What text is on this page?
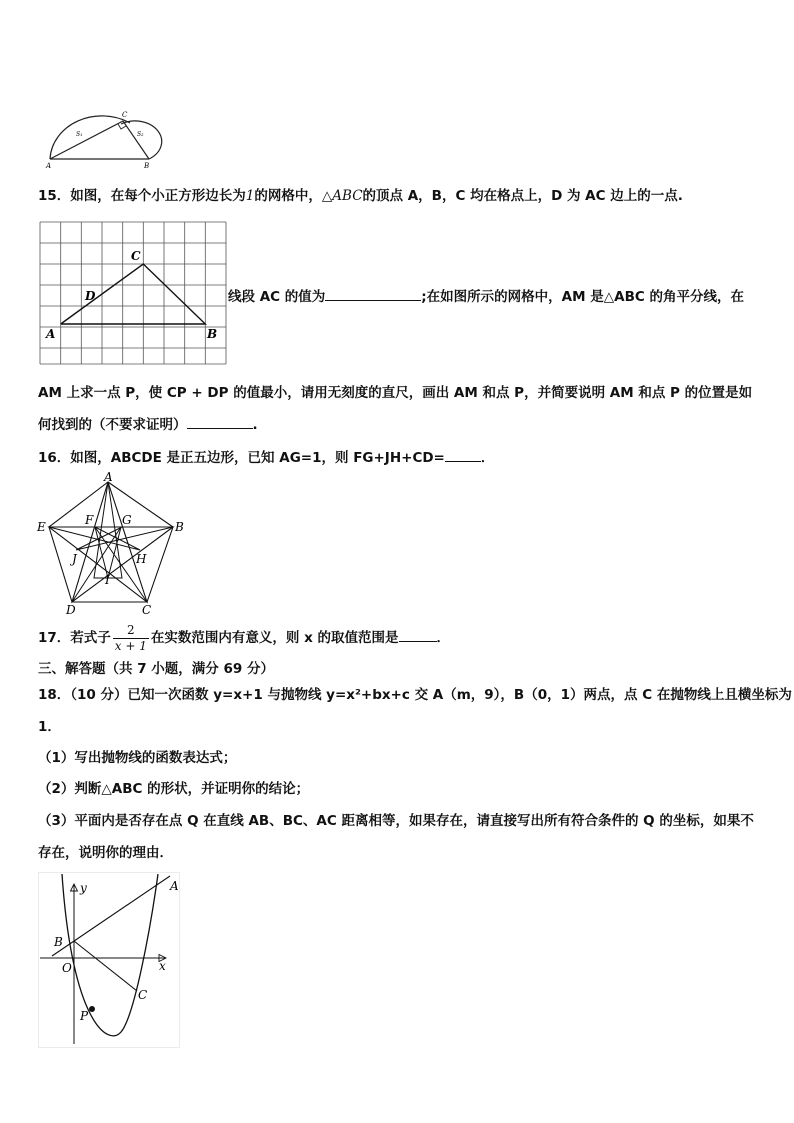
A	B
C
S₁	S₂
15．如图，在每个小正方形边长为1的网格中，△ABC的顶点 A，B，C 均在格点上，D 为 AC 边上的一点.
A	B
C
D	线段 AC 的值为	;在如图所示的网格中，AM 是△ABC 的角平分线，在
AM 上求一点 P，使 CP + DP 的值最小，请用无刻度的直尺，画出 AM 和点 P，并简要说明 AM 和点 P 的位置是如
何找到的（不要求证明）	.
16．如图，ABCDE 是正五边形，已知 AG=1，则 FG+JH+CD=	．
A
B
C
D
E	F G
H
I
J
17．若式子 $\frac{2}{x + 1}$ 在实数范围内有意义，则 x 的取值范围是	．
三、解答题（共 7 小题，满分 69 分）
18．（10 分）已知一次函数 y=x+1 与抛物线 y=x²+bx+c 交 A（m，9），B（0，1）两点，点 C 在抛物线上且横坐标为
1．
（1）写出抛物线的函数表达式；
（2）判断△ABC 的形状，并证明你的结论；
（3）平面内是否存在点 Q 在直线 AB、BC、AC 距离相等，如果存在，请直接写出所有符合条件的 Q 的坐标，如果不
存在，说明你的理由．
B
O	x
y	A
C
P
